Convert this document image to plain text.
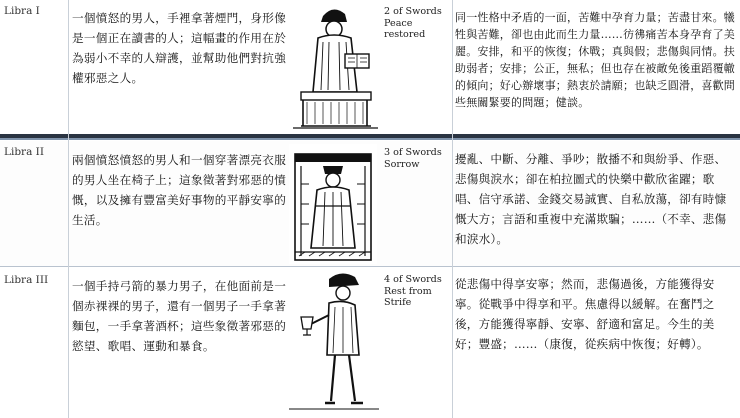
Libra I	一個憤怒的男人，手裡拿著煙門，身形像是一個正在讀書的人；這幅畫的作用在於為弱小不幸的人辯護，並幫助他們對抗強權邪惡之人。
2 of Swords Peace restored
同一性格中矛盾的一面，苦難中孕育力量；苦盡甘來。犧牲與苦難，卻也由此而生力量……彷彿痛苦本身孕育了美麗。安排，和平的恢復；休戰；真與假；悲傷與同情。扶助弱者；安排；公正，無私；但也存在被敵免後重蹈覆轍的傾向；好心辦壞事；熱衷於請願；也缺乏圓滑，喜歡問些無關緊要的問題；健談。
Libra II
兩個憤怒憤怒的男人和一個穿著漂亮衣服的男人坐在椅子上；這象徵著對邪惡的憤慨，以及擁有豐富美好事物的平靜安寧的生活。
3 of Swords Sorrow	擾亂、中斷、分離、爭吵；散播不和與紛爭、作惡、悲傷與淚水；卻在柏拉圖式的快樂中歡欣雀躍；歌唱、信守承諾、金錢交易誠實、自私放蕩，卻有時慷慨大方；言語和重複中充滿欺騙；……（不幸、悲傷和淚水）。
Libra III 一個手持弓箭的暴力男子，在他面前是一個赤裸裸的男子，還有一個男子一手拿著麵包，一手拿著酒杯；這些象徵著邪惡的慾望、歌唱、運動和暴食。
4 of Swords Rest from Strife
從悲傷中得享安寧；然而，悲傷過後，方能獲得安寧。從戰爭中得享和平。焦慮得以緩解。在奮鬥之後，方能獲得寧靜、安寧、舒適和富足。今生的美好；豐盛；……（康復，從疾病中恢復；好轉）。
